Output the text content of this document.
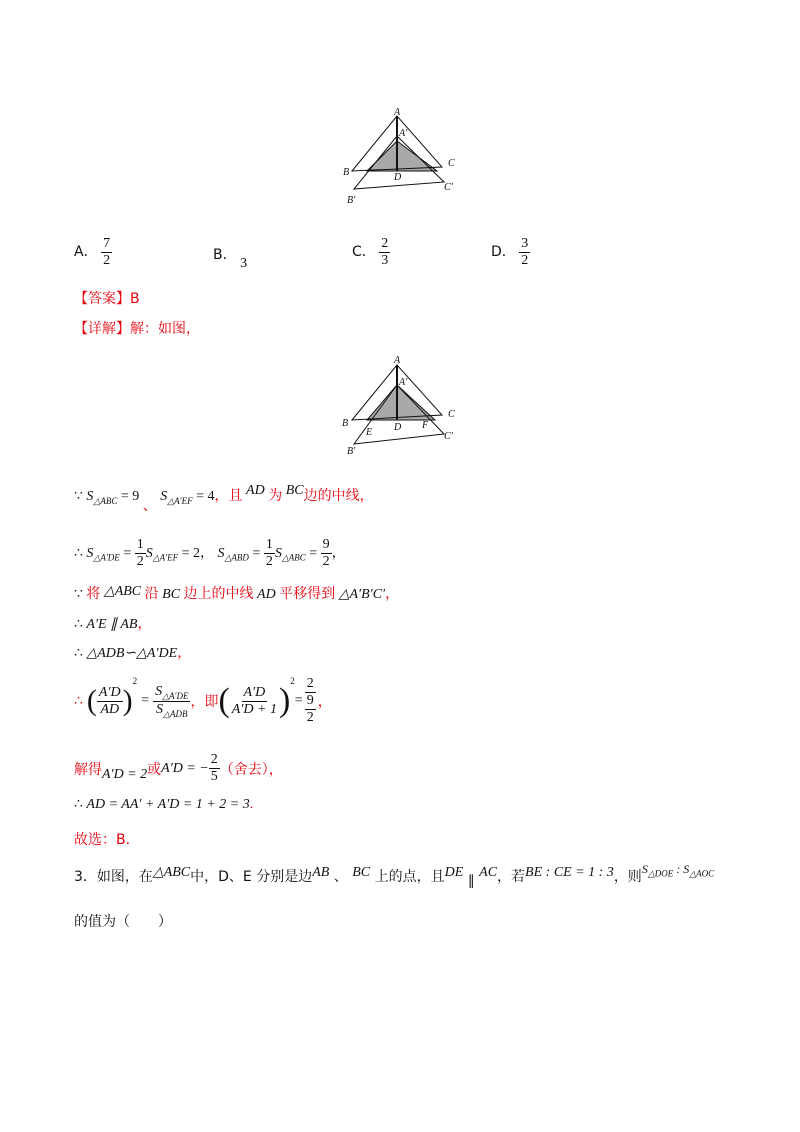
A
A′
B
C
D
B′
C′
A． $\frac{7}{2}$	B． 3
C． $\frac{2}{3}$	D． $\frac{3}{2}$
【答案】B
【详解】解：如图，
A
A′
B
C
D
E
F
B′
C′
∵ $S_{\triangle ABC} = 9$ 、 $S_{\triangle A'EF} = 4$，且 AD 为 BC边的中线，
∴ $S_{\triangle A'DE} = \frac{1}{2} S_{\triangle A'EF} = 2$， $S_{\triangle ABD} = \frac{1}{2} S_{\triangle ABC} = \frac{9}{2}$ ，
∵ 将 △ABC 沿 BC 边上的中线 AD 平移得到 △A′B′C′，
∴ A′E ∥ AB，
∴ △ADB∽△A′DE，
∴ ( $\frac{A'D}{AD}$ )
$^2$
= $\frac{S_{\triangle A'DE}}{S_{\triangle ADB}}$ ，即 ( $\frac{A'D}{A'D + 1}$ )
$^2$
= $\frac{2}{\frac{9}{2}}$ ，
解得 A′D = 2 或 A′D = − $\frac{2}{5}$ （舍去），
∴ AD = AA′ + A′D = 1 + 2 = 3.
故选：B．
3．如图，在△ABC中，D、E 分别是边AB 、 BC 上的点，且DE ∥ AC，若BE : CE = 1 : 3，则$S_{\triangle DOE}$ : $S_{\triangle AOC}$
的值为（　　）
